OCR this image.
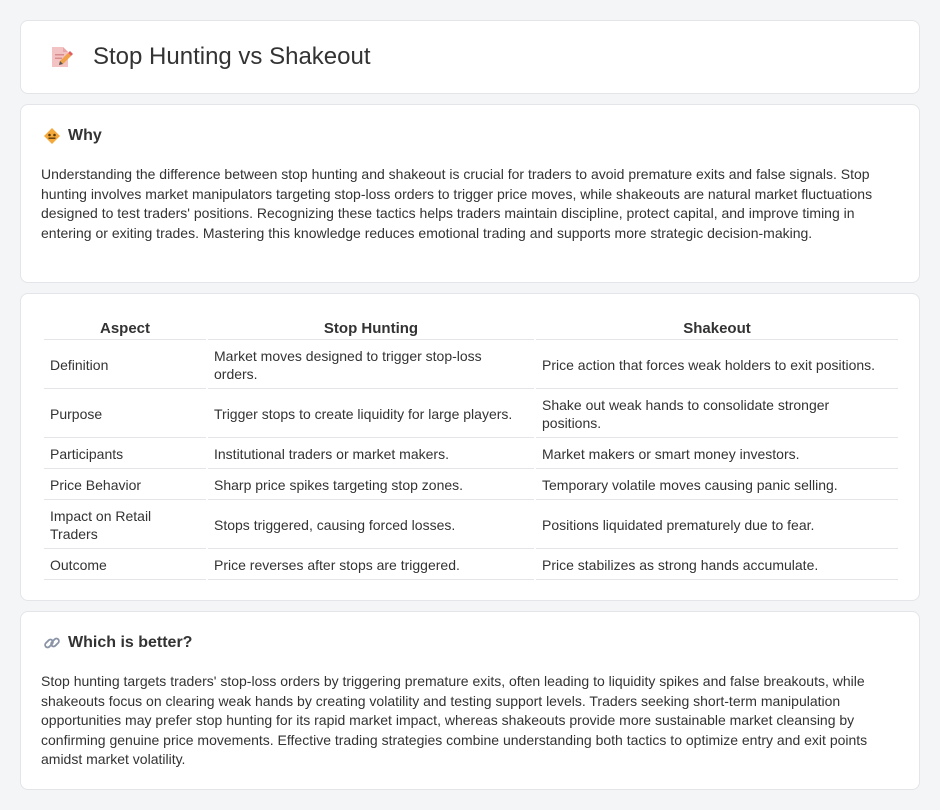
Stop Hunting vs Shakeout
Why

Understanding the difference between stop hunting and shakeout is crucial for traders to avoid premature exits and false signals. Stop hunting involves market manipulators targeting stop-loss orders to trigger price moves, while shakeouts are natural market fluctuations designed to test traders' positions. Recognizing these tactics helps traders maintain discipline, protect capital, and improve timing in entering or exiting trades. Mastering this knowledge reduces emotional trading and supports more strategic decision-making.

Aspect	Stop Hunting	Shakeout
Definition	Market moves designed to trigger stop-loss orders.	Price action that forces weak holders to exit positions.
Purpose	Trigger stops to create liquidity for large players.	Shake out weak hands to consolidate stronger positions.
Participants	Institutional traders or market makers.	Market makers or smart money investors.
Price Behavior	Sharp price spikes targeting stop zones.	Temporary volatile moves causing panic selling.
Impact on Retail Traders	Stops triggered, causing forced losses.	Positions liquidated prematurely due to fear.
Outcome	Price reverses after stops are triggered.	Price stabilizes as strong hands accumulate.
Which is better?

Stop hunting targets traders' stop-loss orders by triggering premature exits, often leading to liquidity spikes and false breakouts, while shakeouts focus on clearing weak hands by creating volatility and testing support levels. Traders seeking short-term manipulation opportunities may prefer stop hunting for its rapid market impact, whereas shakeouts provide more sustainable market cleansing by confirming genuine price movements. Effective trading strategies combine understanding both tactics to optimize entry and exit points amidst market volatility.
